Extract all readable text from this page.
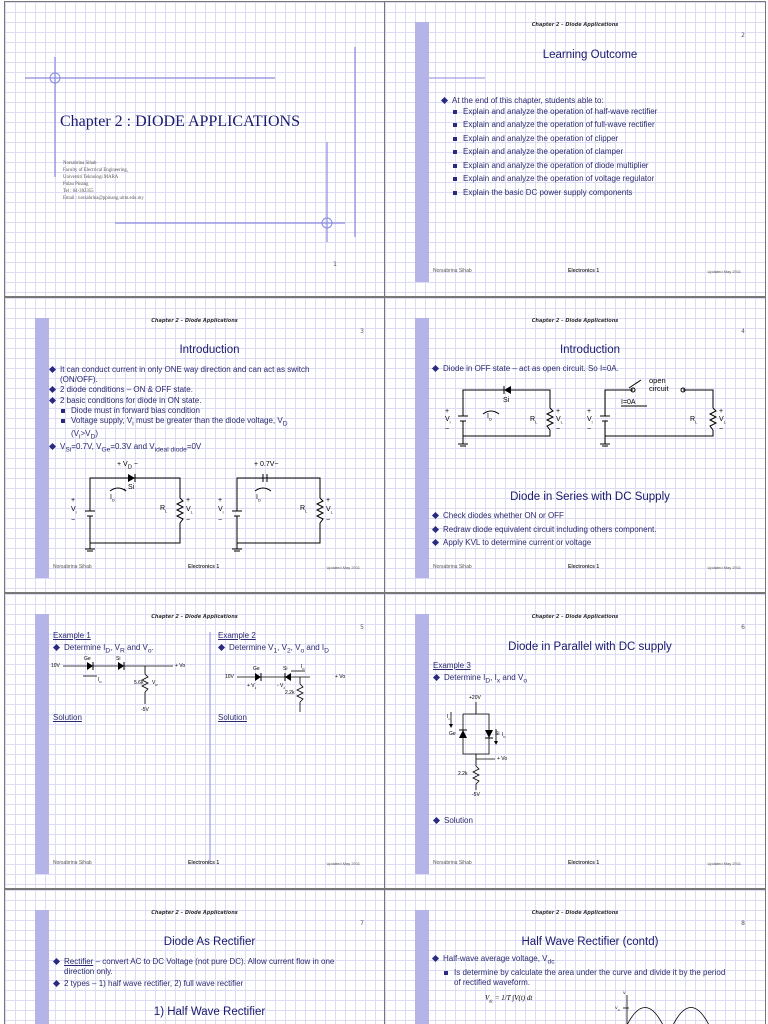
Chapter 2 : DIODE APPLICATIONS
Norsabrina Sihab
Faculty of Electrical Engineering,
Universiti Teknologi MARA
Pulau Pinang
Tel : 04-382355
Email : norsabrina@ppinang.uitm.edu.my
1
Chapter 2 – Diode Applications
2
Learning Outcome
At the end of this chapter, students able to:
Explain and analyze the operation of half-wave rectifier
Explain and analyze the operation of full-wave rectifier
Explain and analyze the operation of clipper
Explain and analyze the operation of clamper
Explain and analyze the operation of diode multiplier
Explain and analyze the operation of voltage regulator
Explain the basic DC power supply components
Norsabrina Sihab	Electronics 1	Updated May 2011
Chapter 2 – Diode Applications
3
Introduction
It can conduct current in only ONE way direction and can act as switch (ON/OFF).
2 diode conditions – ON & OFF state.
2 basic conditions for diode in ON state.
Diode must in forward bias condition
Voltage supply, $V_i$ must be greater than the diode voltage, $V_D$
$(V_i>V_D)$
$V_{Si}=0.7V$, $V_{Ge}=0.3V$ and $V_{ideal diode}=0V$
+ $V_D$ −
Si
+ 0.7V−
+
$V_i$
−
$I_D$
$R_L$
+
$V_L$
−
+
$V_i$
−
$I_D$
$R_L$
+
$V_L$
−
Norsabrina Sihab	Electronics 1	Updated May 2011
Chapter 2 – Diode Applications
4
Introduction
Diode in OFF state – act as open circuit. So I=0A.
Si
open
circuit
I=0A
+
$V_i$
−
$I_D$	$R_L$
+
$V_L$
−
+
$V_i$
−
$R_L$
+
$V_L$
−
Diode in Series with DC Supply
Check diodes whether ON or OFF
Redraw diode equivalent circuit including others component.
Apply KVL to determine current or voltage
Norsabrina Sihab	Electronics 1	Updated May 2011
Chapter 2 – Diode Applications
5
Example 1
Determine $I_D$, $V_R$ and $V_o$.
Example 2
Determine $V_1$, $V_2$, $V_o$ and $I_D$
10V
Ge	Si
+ Vo
$I_D$	5.6k $V_R$
-5V
10V
Si
Ge	$I_D$
+ Vo
+ $V_1$	- $V_2$
2.2k
Solution	Solution
Norsabrina Sihab	Electronics 1	Updated May 2011
Chapter 2 – Diode Applications
6
Diode in Parallel with DC supply
Example 3
Determine $I_D$, $I_x$ and $V_o$
+20V
$I_x$
Ge	Si $I_D$
+ Vo
2.2k
-5V
Solution
Norsabrina Sihab	Electronics 1	Updated May 2011
Chapter 2 – Diode Applications
7
Diode As Rectifier
Rectifier – convert AC to DC Voltage (not pure DC). Allow current flow in one direction only.
2 types – 1) half wave rectifier, 2) full wave rectifier
1) Half Wave Rectifier
Chapter 2 – Diode Applications
8
Half Wave Rectifier (contd)
Half-wave average voltage, $V_{dc}$
Is determine by calculate the area under the curve and divide it by the period of rectified waveform.
$V_{dc} = 1/T$ ∫V(t) dt
V
$V_m$
